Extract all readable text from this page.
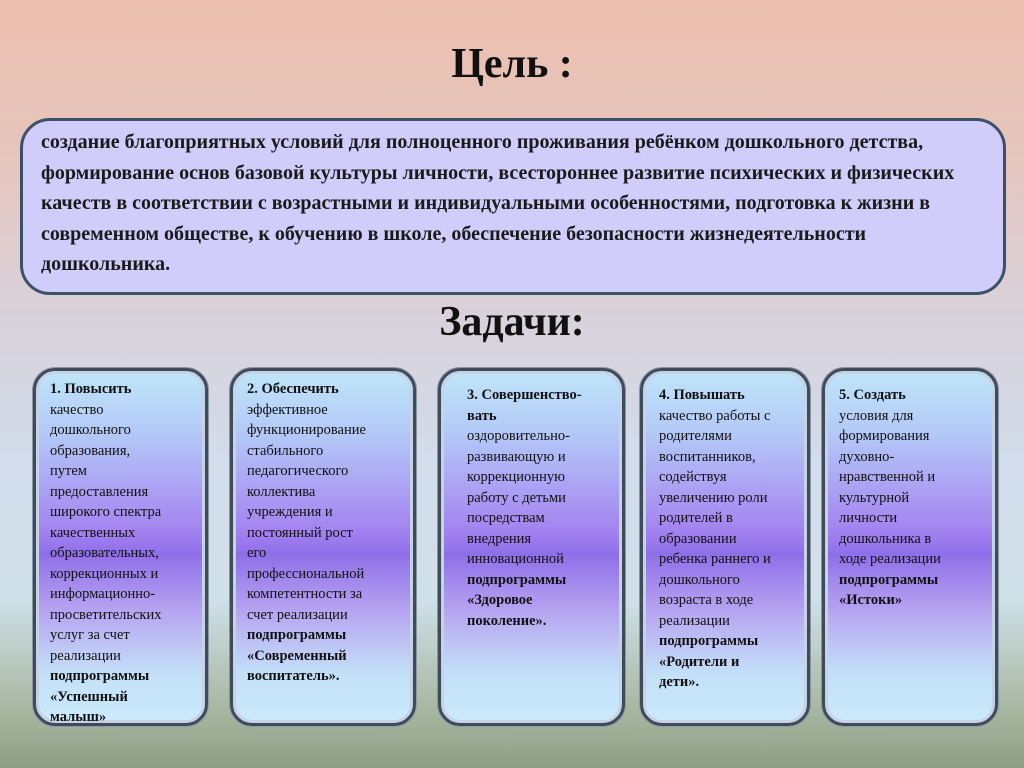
Цель :
создание благоприятных условий для полноценного проживания ребёнком дошкольного детства, формирование основ базовой культуры личности, всестороннее развитие психических и физических качеств в соответствии с возрастными и индивидуальными особенностями, подготовка к жизни в современном обществе, к обучению в школе, обеспечение безопасности жизнедеятельности дошкольника.
Задачи:

1. Повысить

качество
дошкольного
образования,
путем
предоставления
широкого спектра
качественных
образовательных,
коррекционных и
информационно-
просветительских
услуг за счет
реализации

подпрограммы
«Успешный
малыш»

2. Обеспечить

эффективное
функционирование
стабильного
педагогического
коллектива
учреждения и
постоянный рост
его
профессиональной
компетентности за
счет реализации

подпрограммы
«Современный
воспитатель».

3. Совершенство-
вать

оздоровительно-
развивающую и
коррекционную
работу с детьми
посредствам
внедрения
инновационной

подпрограммы
«Здоровое
поколение».

4. Повышать

качество работы с
родителями
воспитанников,
содействуя
увеличению роли
родителей в
образовании
ребенка раннего и
дошкольного
возраста в ходе
реализации

подпрограммы
«Родители и
дети».

5. Создать

условия для
формирования
духовно-
нравственной и
культурной
личности
дошкольника в
ходе реализации

подпрограммы
«Истоки»
